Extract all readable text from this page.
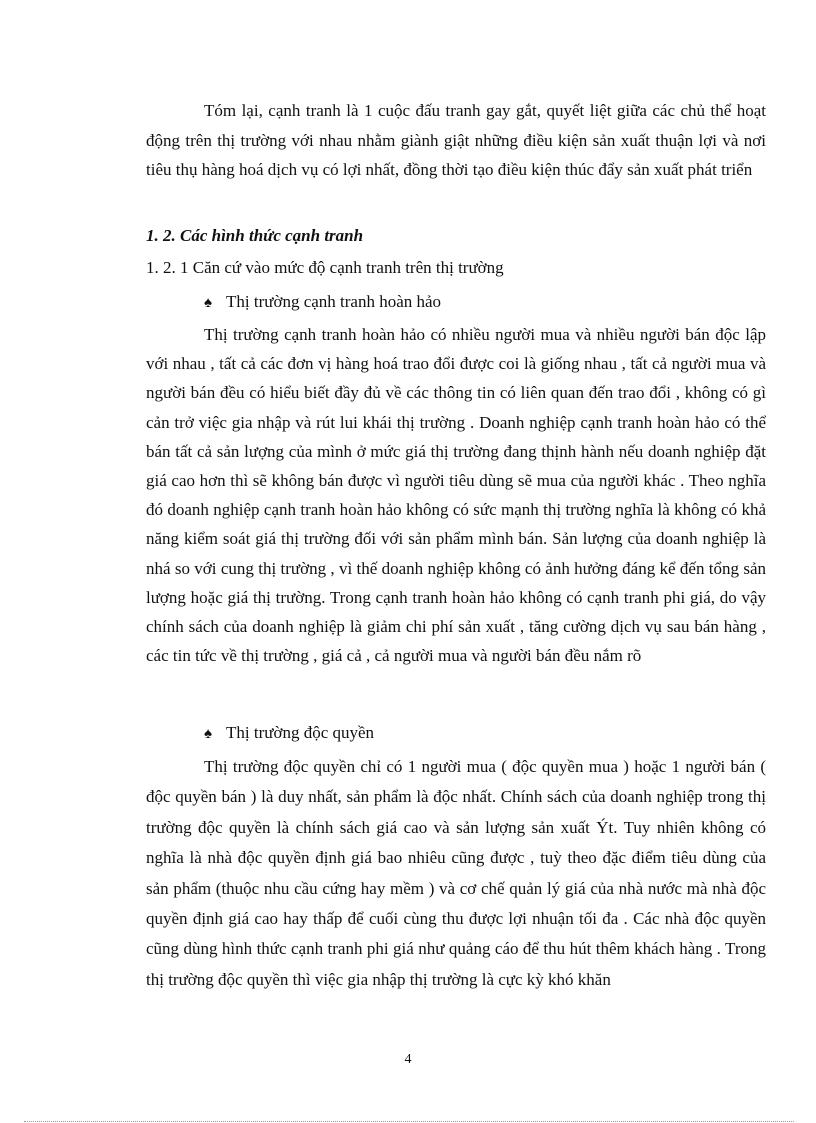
Tóm lại, cạnh tranh là 1 cuộc đấu tranh gay gắt, quyết liệt giữa các chủ thể hoạt động trên thị trường với nhau nhằm giành giật những điều kiện sản xuất thuận lợi và nơi tiêu thụ hàng hoá dịch vụ có lợi nhất, đồng thời tạo điều kiện thúc đẩy sản xuất phát triển

1. 2. Các hình thức cạnh tranh

1. 2. 1 Căn cứ vào mức độ cạnh tranh trên thị trường

♠ Thị trường cạnh tranh hoàn hảo

Thị trường cạnh tranh hoàn hảo có nhiều người mua và nhiều người bán độc lập với nhau , tất cả các đơn vị hàng hoá trao đổi được coi là giống nhau , tất cả người mua và người bán đều có hiểu biết đầy đủ về các thông tin có liên quan đến trao đổi , không có gì cản trở việc gia nhập và rút lui khái thị trường . Doanh nghiệp cạnh tranh hoàn hảo có thể bán tất cả sản lượng của mình ở mức giá thị trường đang thịnh hành nếu doanh nghiệp đặt giá cao hơn thì sẽ không bán được vì người tiêu dùng sẽ mua của người khác . Theo nghĩa đó doanh nghiệp cạnh tranh hoàn hảo không có sức mạnh thị trường nghĩa là không có khả năng kiểm soát giá thị trường đối với sản phẩm mình bán. Sản lượng của doanh nghiệp là nhá so với cung thị trường , vì thế doanh nghiệp không có ảnh hưởng đáng kể đến tổng sản lượng hoặc giá thị trường. Trong cạnh tranh hoàn hảo không có cạnh tranh phi giá, do vậy chính sách của doanh nghiệp là giảm chi phí sản xuất , tăng cường dịch vụ sau bán hàng , các tin tức về thị trường , giá cả , cả người mua và người bán đều nắm rõ

♠ Thị trường độc quyền

Thị trường độc quyền chỉ có 1 người mua ( độc quyền mua ) hoặc 1 người bán ( độc quyền bán ) là duy nhất, sản phẩm là độc nhất. Chính sách của doanh nghiệp trong thị trường độc quyền là chính sách giá cao và sản lượng sản xuất Ýt. Tuy nhiên không có nghĩa là nhà độc quyền định giá bao nhiêu cũng được , tuỳ theo đặc điểm tiêu dùng của sản phẩm (thuộc nhu cầu cứng hay mềm ) và cơ chế quản lý giá của nhà nước mà nhà độc quyền định giá cao hay thấp để cuối cùng thu được lợi nhuận tối đa . Các nhà độc quyền cũng dùng hình thức cạnh tranh phi giá như quảng cáo để thu hút thêm khách hàng . Trong thị trường độc quyền thì việc gia nhập thị trường là cực kỳ khó khăn

4
